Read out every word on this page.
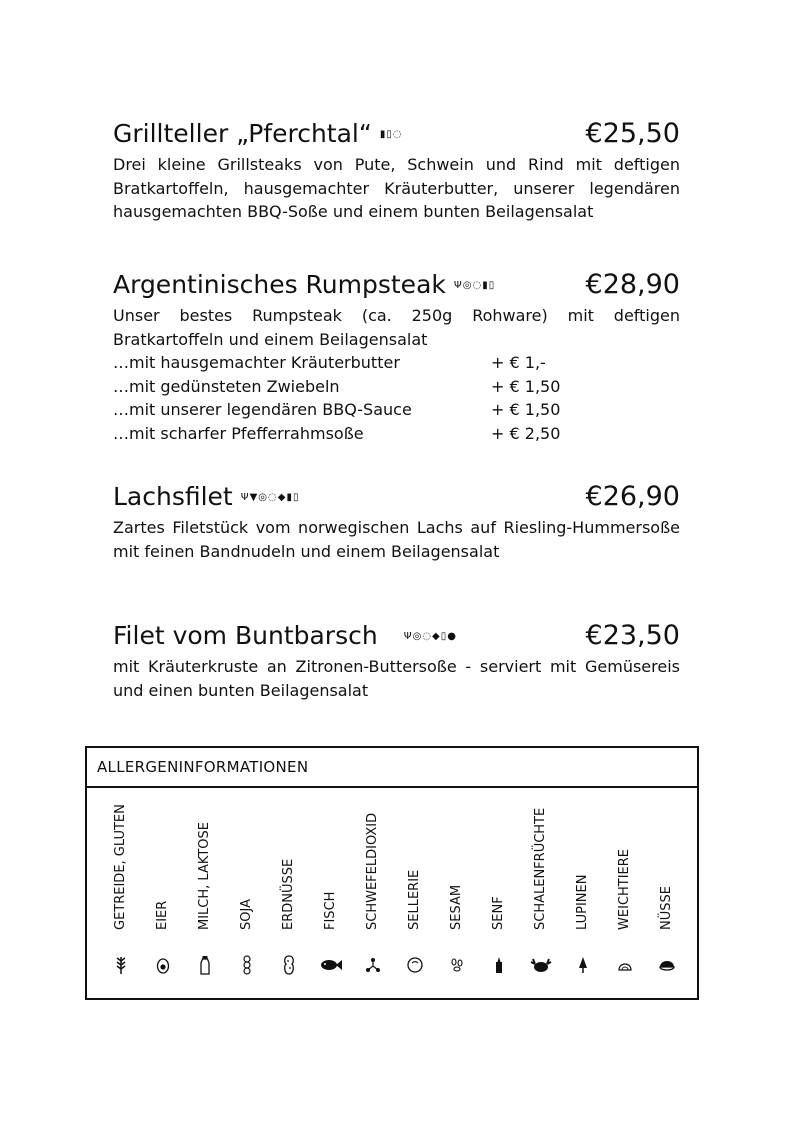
Grillteller „Pferchtal“ ▮▯◌	€25,50
Drei kleine Grillsteaks von Pute, Schwein und Rind mit deftigen Bratkartoffeln, hausgemachter Kräuterbutter, unserer legendären hausgemachten BBQ-Soße und einem bunten Beilagensalat
Argentinisches Rumpsteak Ψ◎◌▮▯	€28,90
Unser bestes Rumpsteak (ca. 250g Rohware) mit deftigen Bratkartoffeln und einem Beilagensalat
…mit hausgemachter Kräuterbutter	+ € 1,-
…mit gedünsteten Zwiebeln	+ € 1,50
…mit unserer legendären BBQ-Sauce	+ € 1,50
…mit scharfer Pfefferrahmsoße	+ € 2,50
Lachsfilet Ψ▼◎◌◆▮▯	€26,90
Zartes Filetstück vom norwegischen Lachs auf Riesling-Hummersoße mit feinen Bandnudeln und einem Beilagensalat
Filet vom Buntbarsch	Ψ◎◌◆▯●	€23,50
mit Kräuterkruste an Zitronen-Buttersoße - serviert mit Gemüsereis und einen bunten Beilagensalat
ALLERGENINFORMATIONEN
GETREIDE, GLUTEN EIER MILCH, LAKTOSE SOJA ERDNÜSSE FISCH SCHWEFELDIOXID SELLERIE SESAM SENF SCHALENFRÜCHTE LUPINEN WEICHTIERE NÜSSE
